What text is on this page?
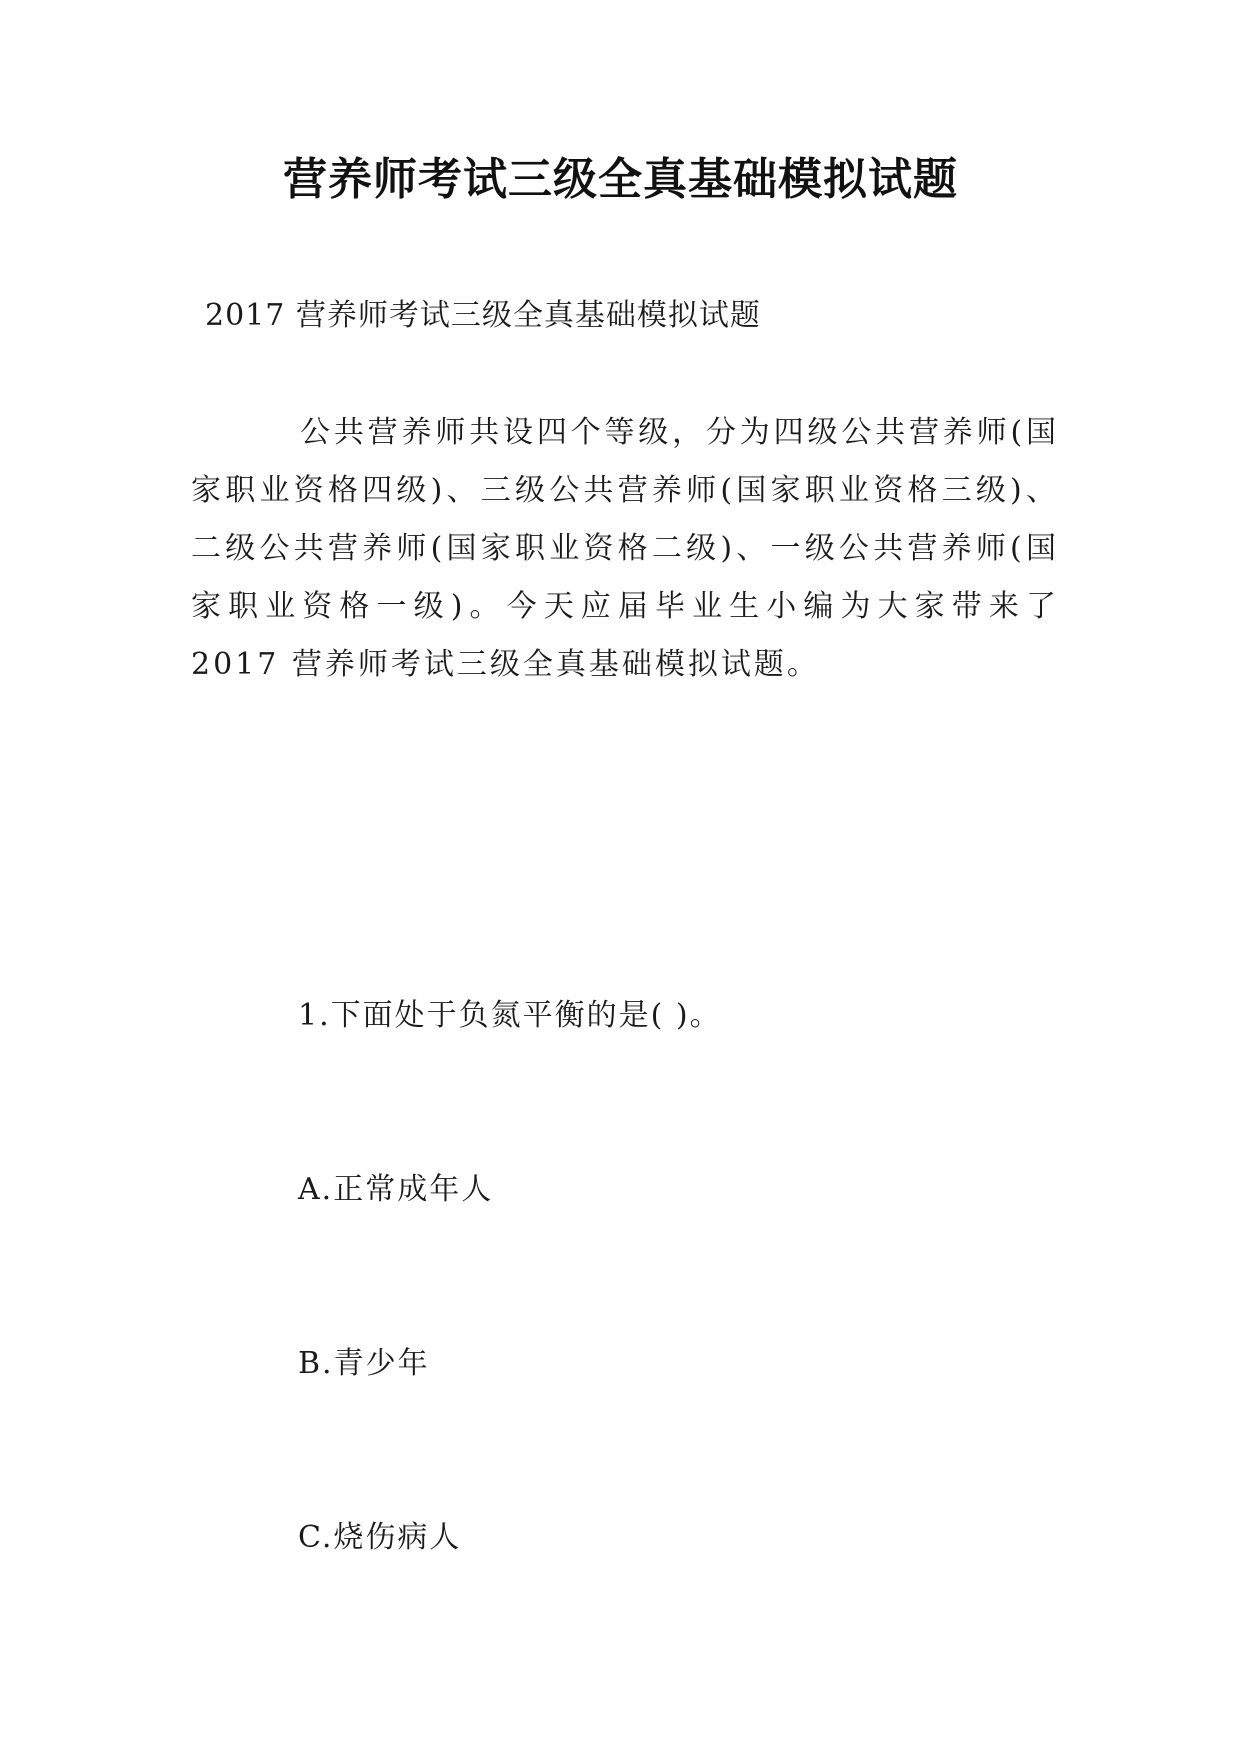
营养师考试三级全真基础模拟试题
2017 营养师考试三级全真基础模拟试题

公共营养师共设四个等级，分为四级公共营养师(国家职业资格四级)、三级公共营养师(国家职业资格三级)、二级公共营养师(国家职业资格二级)、一级公共营养师(国家职业资格一级)。今天应届毕业生小编为大家带来了 2017 营养师考试三级全真基础模拟试题。

1.下面处于负氮平衡的是( )。
A.正常成年人
B.青少年
C.烧伤病人
